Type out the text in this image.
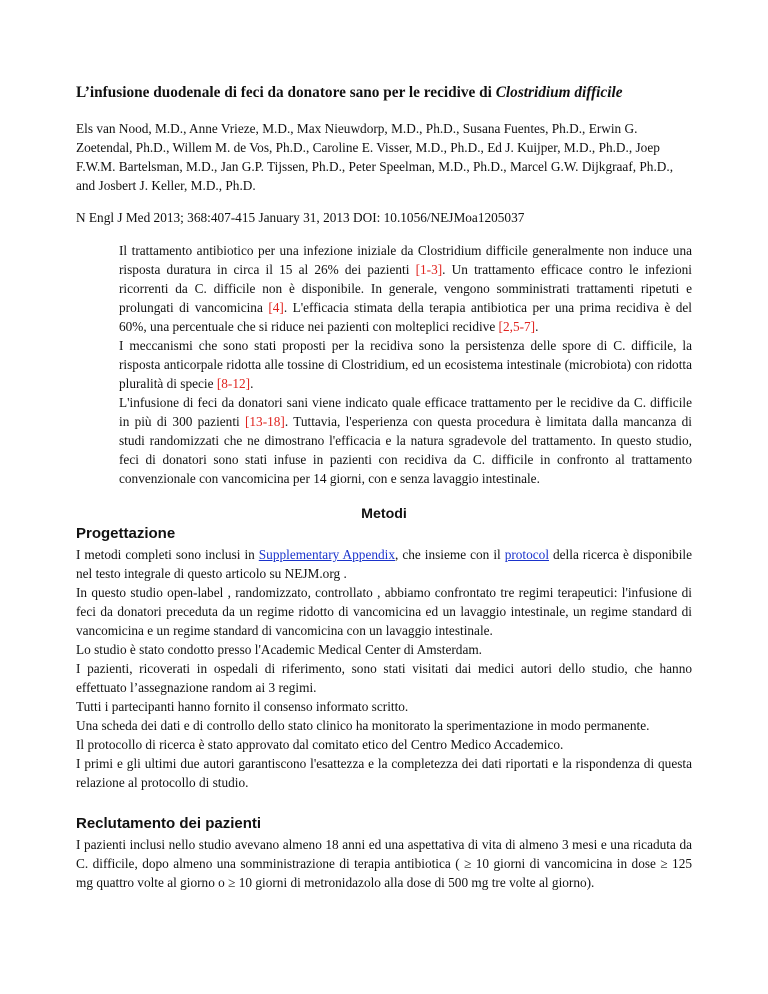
L’infusione duodenale di feci da donatore sano per le recidive di Clostridium difficile

Els van Nood, M.D., Anne Vrieze, M.D., Max Nieuwdorp, M.D., Ph.D., Susana Fuentes, Ph.D., Erwin G. Zoetendal, Ph.D., Willem M. de Vos, Ph.D., Caroline E. Visser, M.D., Ph.D., Ed J. Kuijper, M.D., Ph.D., Joep F.W.M. Bartelsman, M.D., Jan G.P. Tijssen, Ph.D., Peter Speelman, M.D., Ph.D., Marcel G.W. Dijkgraaf, Ph.D., and Josbert J. Keller, M.D., Ph.D.

N Engl J Med 2013; 368:407-415 January 31, 2013 DOI: 10.1056/NEJMoa1205037

Il trattamento antibiotico per una infezione iniziale da Clostridium difficile generalmente non induce una risposta duratura in circa il 15 al 26% dei pazienti [1-3]. Un trattamento efficace contro le infezioni ricorrenti da C. difficile non è disponibile. In generale, vengono somministrati trattamenti ripetuti e prolungati di vancomicina [4]. L'efficacia stimata della terapia antibiotica per una prima recidiva è del 60%, una percentuale che si riduce nei pazienti con molteplici recidive [2,5-7].

I meccanismi che sono stati proposti per la recidiva sono la persistenza delle spore di C. difficile, la risposta anticorpale ridotta alle tossine di Clostridium, ed un ecosistema intestinale (microbiota) con ridotta pluralità di specie [8-12].

L'infusione di feci da donatori sani viene indicato quale efficace trattamento per le recidive da C. difficile in più di 300 pazienti [13-18]. Tuttavia, l'esperienza con questa procedura è limitata dalla mancanza di studi randomizzati che ne dimostrano l'efficacia e la natura sgradevole del trattamento. In questo studio, feci di donatori sono stati infuse in pazienti con recidiva da C. difficile in confronto al trattamento convenzionale con vancomicina per 14 giorni, con e senza lavaggio intestinale.

Metodi
Progettazione

I metodi completi sono inclusi in Supplementary Appendix, che insieme con il protocol della ricerca è disponibile nel testo integrale di questo articolo su NEJM.org .

In questo studio open-label , randomizzato, controllato , abbiamo confrontato tre regimi terapeutici: l'infusione di feci da donatori preceduta da un regime ridotto di vancomicina ed un lavaggio intestinale, un regime standard di vancomicina e un regime standard di vancomicina con un lavaggio intestinale.

Lo studio è stato condotto presso l'Academic Medical Center di Amsterdam.

I pazienti, ricoverati in ospedali di riferimento, sono stati visitati dai medici autori dello studio, che hanno effettuato l’assegnazione random ai 3 regimi.

Tutti i partecipanti hanno fornito il consenso informato scritto.

Una scheda dei dati e di controllo dello stato clinico ha monitorato la sperimentazione in modo permanente.

Il protocollo di ricerca è stato approvato dal comitato etico del Centro Medico Accademico.

I primi e gli ultimi due autori garantiscono l'esattezza e la completezza dei dati riportati e la rispondenza di questa relazione al protocollo di studio.

Reclutamento dei pazienti

I pazienti inclusi nello studio avevano almeno 18 anni ed una aspettativa di vita di almeno 3 mesi e una ricaduta da C. difficile, dopo almeno una somministrazione di terapia antibiotica ( ≥ 10 giorni di vancomicina in dose ≥ 125 mg quattro volte al giorno o ≥ 10 giorni di metronidazolo alla dose di 500 mg tre volte al giorno).
